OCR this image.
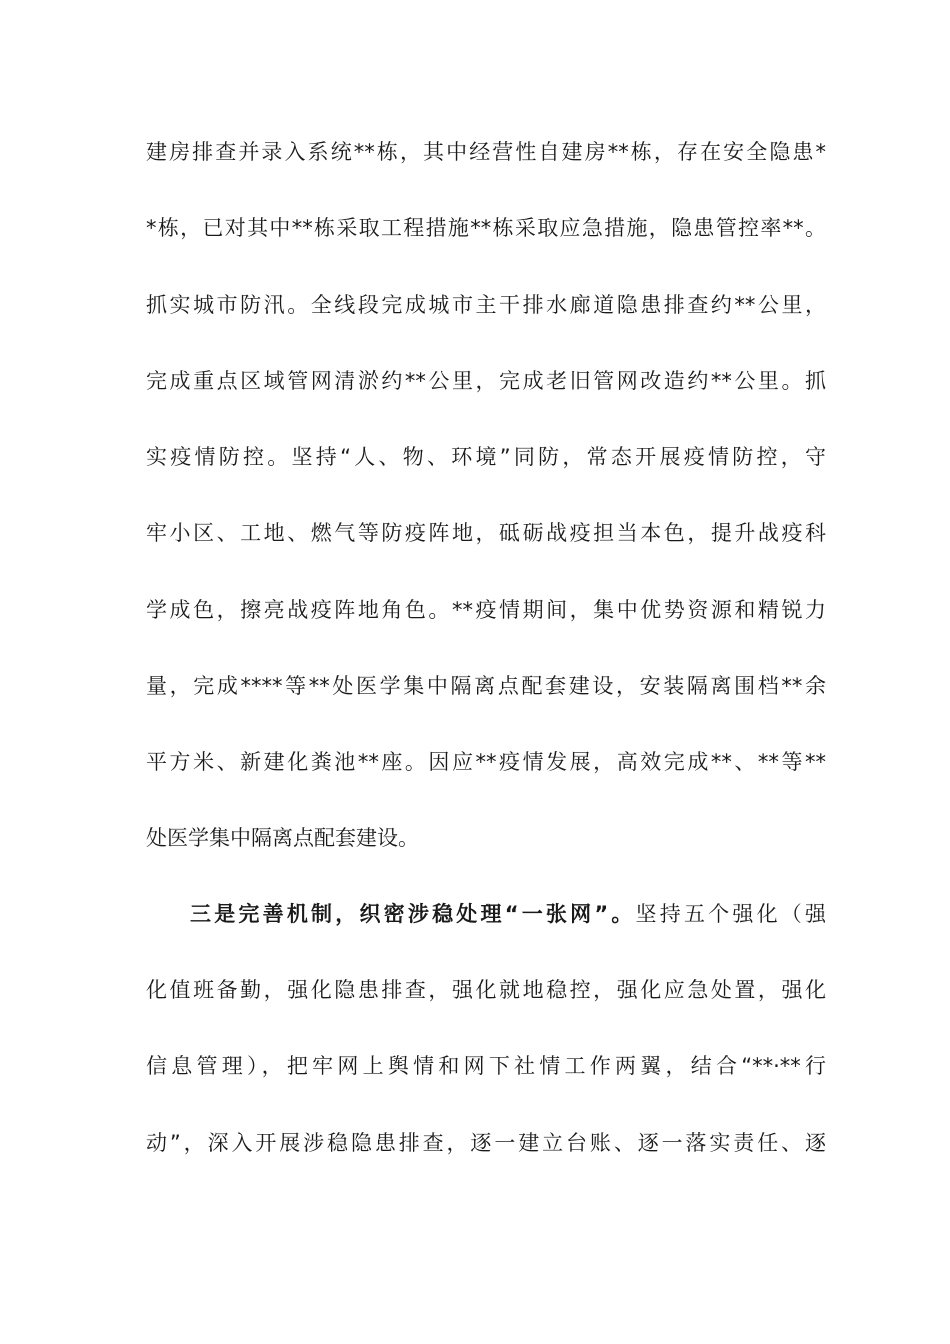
建房排查并录入系统**栋，其中经营性自建房**栋，存在安全隐患*
*栋，已对其中**栋采取工程措施**栋采取应急措施，隐患管控率**。
抓实城市防汛。全线段完成城市主干排水廊道隐患排查约**公里，
完成重点区域管网清淤约**公里，完成老旧管网改造约**公里。抓
实疫情防控。坚持“人、物、环境”同防，常态开展疫情防控，守
牢小区、工地、燃气等防疫阵地，砥砺战疫担当本色，提升战疫科
学成色，擦亮战疫阵地角色。**疫情期间，集中优势资源和精锐力
量，完成****等**处医学集中隔离点配套建设，安装隔离围档**余
平方米、新建化粪池**座。因应**疫情发展，高效完成**、**等**
处医学集中隔离点配套建设。
三是完善机制，织密涉稳处理“一张网”。坚持五个强化（强
化值班备勤，强化隐患排查，强化就地稳控，强化应急处置，强化
信息管理），把牢网上舆情和网下社情工作两翼，结合“**·**行
动”，深入开展涉稳隐患排查，逐一建立台账、逐一落实责任、逐
